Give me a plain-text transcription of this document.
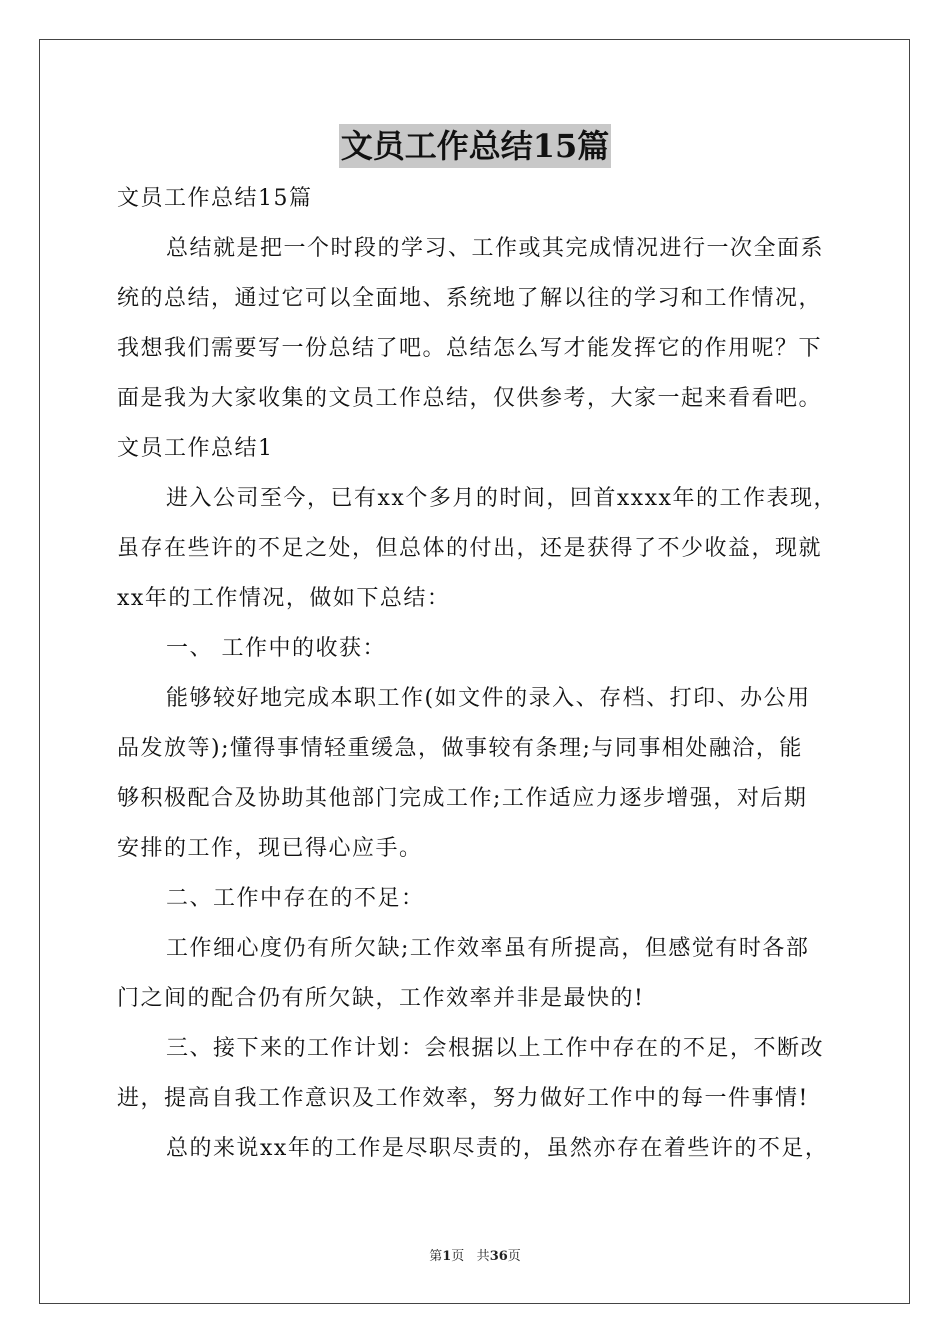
文员工作总结15篇
文员工作总结15篇
总结就是把一个时段的学习、工作或其完成情况进行一次全面系
统的总结，通过它可以全面地、系统地了解以往的学习和工作情况，
我想我们需要写一份总结了吧。总结怎么写才能发挥它的作用呢？下
面是我为大家收集的文员工作总结，仅供参考，大家一起来看看吧。
文员工作总结1
进入公司至今，已有xx个多月的时间，回首xxxx年的工作表现，
虽存在些许的不足之处，但总体的付出，还是获得了不少收益，现就
xx年的工作情况，做如下总结：
一、 工作中的收获：
能够较好地完成本职工作(如文件的录入、存档、打印、办公用
品发放等);懂得事情轻重缓急，做事较有条理;与同事相处融洽，能
够积极配合及协助其他部门完成工作;工作适应力逐步增强，对后期
安排的工作，现已得心应手。
二、工作中存在的不足：
工作细心度仍有所欠缺;工作效率虽有所提高，但感觉有时各部
门之间的配合仍有所欠缺，工作效率并非是最快的!
三、接下来的工作计划：会根据以上工作中存在的不足，不断改
进，提高自我工作意识及工作效率，努力做好工作中的每一件事情!
总的来说xx年的工作是尽职尽责的，虽然亦存在着些许的不足，
第1页 共36页
